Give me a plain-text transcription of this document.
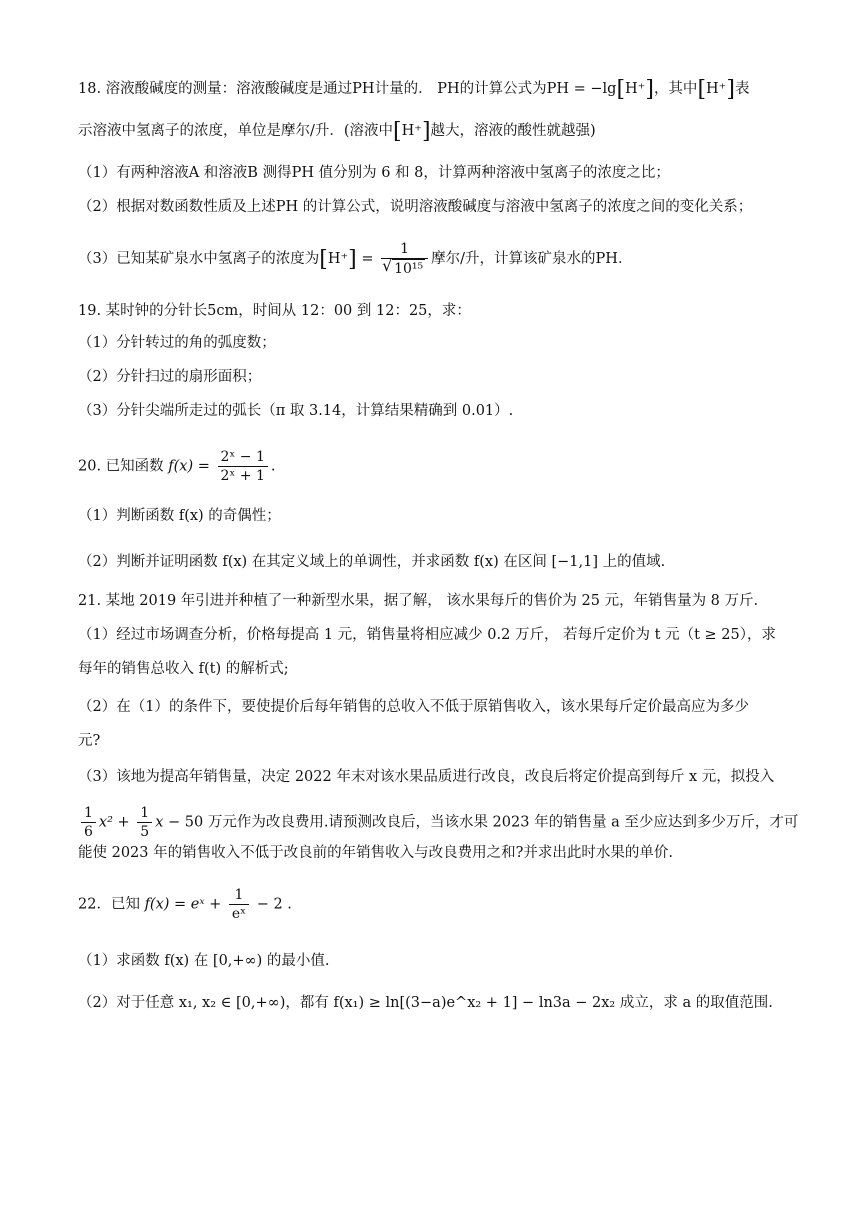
18. 溶液酸碱度的测量：溶液酸碱度是通过PH计量的． PH的计算公式为PH = −lg[H⁺]，其中[H⁺]表
示溶液中氢离子的浓度，单位是摩尔/升．(溶液中[H⁺]越大，溶液的酸性就越强)
（1）有两种溶液A 和溶液B 测得PH 值分别为 6 和 8，计算两种溶液中氢离子的浓度之比；
（2）根据对数函数性质及上述PH 的计算公式，说明溶液酸碱度与溶液中氢离子的浓度之间的变化关系；
（3）已知某矿泉水中氢离子的浓度为[H⁺] = 1
√ 10¹⁵ 摩尔/升，计算该矿泉水的PH．
19. 某时钟的分针长5cm，时间从 12：00 到 12：25，求：
（1）分针转过的角的弧度数；
（2）分针扫过的扇形面积；
（3）分针尖端所走过的弧长（π 取 3.14，计算结果精确到 0.01）.
20. 已知函数 $f(x) = \frac{\text{2ˣ − 1}}{\text{2ˣ + 1}}$ .
（1）判断函数 f(x) 的奇偶性；
（2）判断并证明函数 f(x) 在其定义域上的单调性，并求函数 f(x) 在区间 [−1,1] 上的值域.
21. 某地 2019 年引进并种植了一种新型水果，据了解， 该水果每斤的售价为 25 元，年销售量为 8 万斤.
（1）经过市场调查分析，价格每提高 1 元，销售量将相应减少 0.2 万斤， 若每斤定价为 t 元（t ≥ 25），求
每年的销售总收入 f(t) 的解析式;
（2）在（1）的条件下，要使提价后每年销售的总收入不低于原销售收入，该水果每斤定价最高应为多少
元?
（3）该地为提高年销售量，决定 2022 年末对该水果品质进行改良，改良后将定价提高到每斤 x 元，拟投入
$\frac{1}{6} x^2 + \frac{1}{5}$ x − 50 万元作为改良费用.请预测改良后，当该水果 2023 年的销售量 a 至少应达到多少万斤，才可
能使 2023 年的销售收入不低于改良前的年销售收入与改良费用之和?并求出此时水果的单价.
22．已知 f(x) = eˣ + $\frac{1}{\text{eˣ}} - 2$ .
（1）求函数 f(x) 在 [0,+∞) 的最小值.
（2）对于任意 x₁, x₂ ∈ [0,+∞)，都有 f(x₁) ≥ ln[(3−a)e^x₂ + 1] − ln3a − 2x₂ 成立，求 a 的取值范围.
